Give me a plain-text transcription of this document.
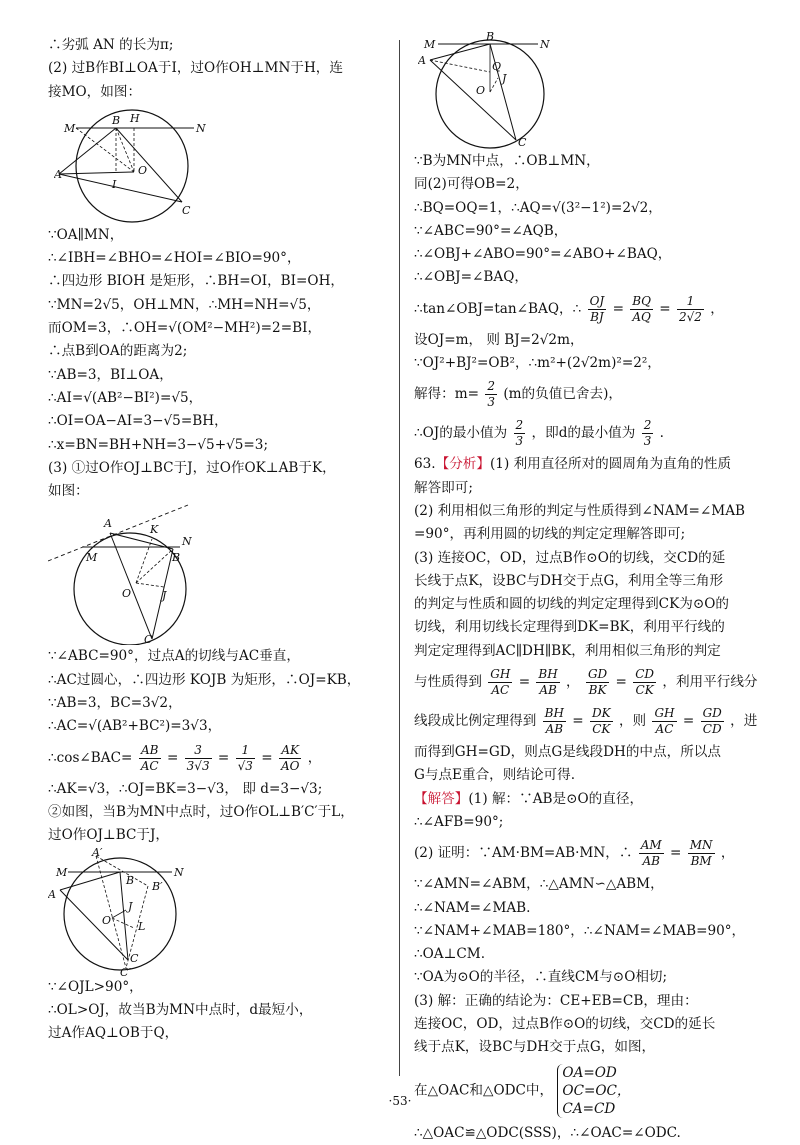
∴劣弧 AN 的长为π;
(2) 过B作BI⊥OA于I，过O作OH⊥MN于H，连
接MO，如图：
M
B H
N
A	O
I
C
∵OA∥MN，
∴∠IBH=∠BHO=∠HOI=∠BIO=90°，
∴四边形 BIOH 是矩形，∴BH=OI，BI=OH，
∵MN=2√5，OH⊥MN，∴MH=NH=√5，
而OM=3，∴OH=√(OM²−MH²)=2=BI，
∴点B到OA的距离为2;
∵AB=3，BI⊥OA，
∴AI=√(AB²−BI²)=√5，
∴OI=OA−AI=3−√5=BH，
∴x=BN=BH+NH=3−√5+√5=3;
(3) ①过O作OJ⊥BC于J，过O作OK⊥AB于K，
如图：
A	K
N
M	B
O	J
C
∵∠ABC=90°，过点A的切线与AC垂直，
∴AC过圆心，∴四边形 KOJB 为矩形，∴OJ=KB，
∵AB=3，BC=3√2，
∴AC=√(AB²+BC²)=3√3，
∴cos∠BAC= $\frac{AB}{AC} = \frac{3}{3√3} = \frac{1}{√3} = \frac{AK}{AO}$ ，
∴AK=√3，∴OJ=BK=3−√3， 即 d=3−√3;
②如图，当B为MN中点时，过O作OL⊥B′C′于L，
过O作OJ⊥BC于J，
A′
M	N
B B′
A
J
O L
C
C′
∵∠OJL>90°，
∴OL>OJ，故当B为MN中点时，d最短小，
过A作AQ⊥OB于Q，
M
B
N
A	Q
J
O
C
∵B为MN中点，∴OB⊥MN，
同(2)可得OB=2，
∴BQ=OQ=1，∴AQ=√(3²−1²)=2√2，
∵∠ABC=90°=∠AQB，
∴∠OBJ+∠ABO=90°=∠ABO+∠BAQ，
∴∠OBJ=∠BAQ，
∴tan∠OBJ=tan∠BAQ，∴ $\frac{OJ}{BJ} = \frac{BQ}{AQ} = \frac{1}{2√2}$ ，
设OJ=m， 则 BJ=2√2m，
∵OJ²+BJ²=OB²，∴m²+(2√2m)²=2²，
解得：$m= \frac{2}{3} (m$的负值已舍去)，
∴OJ的最小值为 $\frac{2}{3}$ ，即d的最小值为 $\frac{2}{3}$ .
63.【分析】(1) 利用直径所对的圆周角为直角的性质
解答即可;
(2) 利用相似三角形的判定与性质得到∠NAM=∠MAB
=90°，再利用圆的切线的判定定理解答即可;
(3) 连接OC，OD，过点B作⊙O的切线，交CD的延
长线于点K，设BC与DH交于点G，利用全等三角形
的判定与性质和圆的切线的判定定理得到CK为⊙O的
切线，利用切线长定理得到DK=BK，利用平行线的
判定定理得到AC∥DH∥BK，利用相似三角形的判定
与性质得到 $\frac{GH}{AC} = \frac{BH}{AB}$ ， $\frac{GD}{BK} = \frac{CD}{CK}$ ，利用平行线分
线段成比例定理得到 $\frac{BH}{AB} = \frac{DK}{CK}$ ，则 $\frac{GH}{AC} = \frac{GD}{CD}$ ，进
而得到GH=GD，则点G是线段DH的中点，所以点
G与点E重合，则结论可得.
【解答】(1) 解：∵AB是⊙O的直径，
∴∠AFB=90°;
(2) 证明：∵AM·BM=AB·MN，∴ $\frac{AM}{AB} = \frac{MN}{BM}$ ，
∵∠AMN=∠ABM，∴△AMN∽△ABM，
∴∠NAM=∠MAB.
∵∠NAM+∠MAB=180°，∴∠NAM=∠MAB=90°，
∴OA⊥CM.
∵OA为⊙O的半径，∴直线CM与⊙O相切;
(3) 解：正确的结论为：CE+EB=CB，理由：
连接OC，OD，过点B作⊙O的切线，交CD的延长
线于点K，设BC与DH交于点G，如图，
在△OAC和△ODC中，
OA=OD
OC=OC，
CA=CD
∴△OAC≌△ODC(SSS)，∴∠OAC=∠ODC.
·53·
